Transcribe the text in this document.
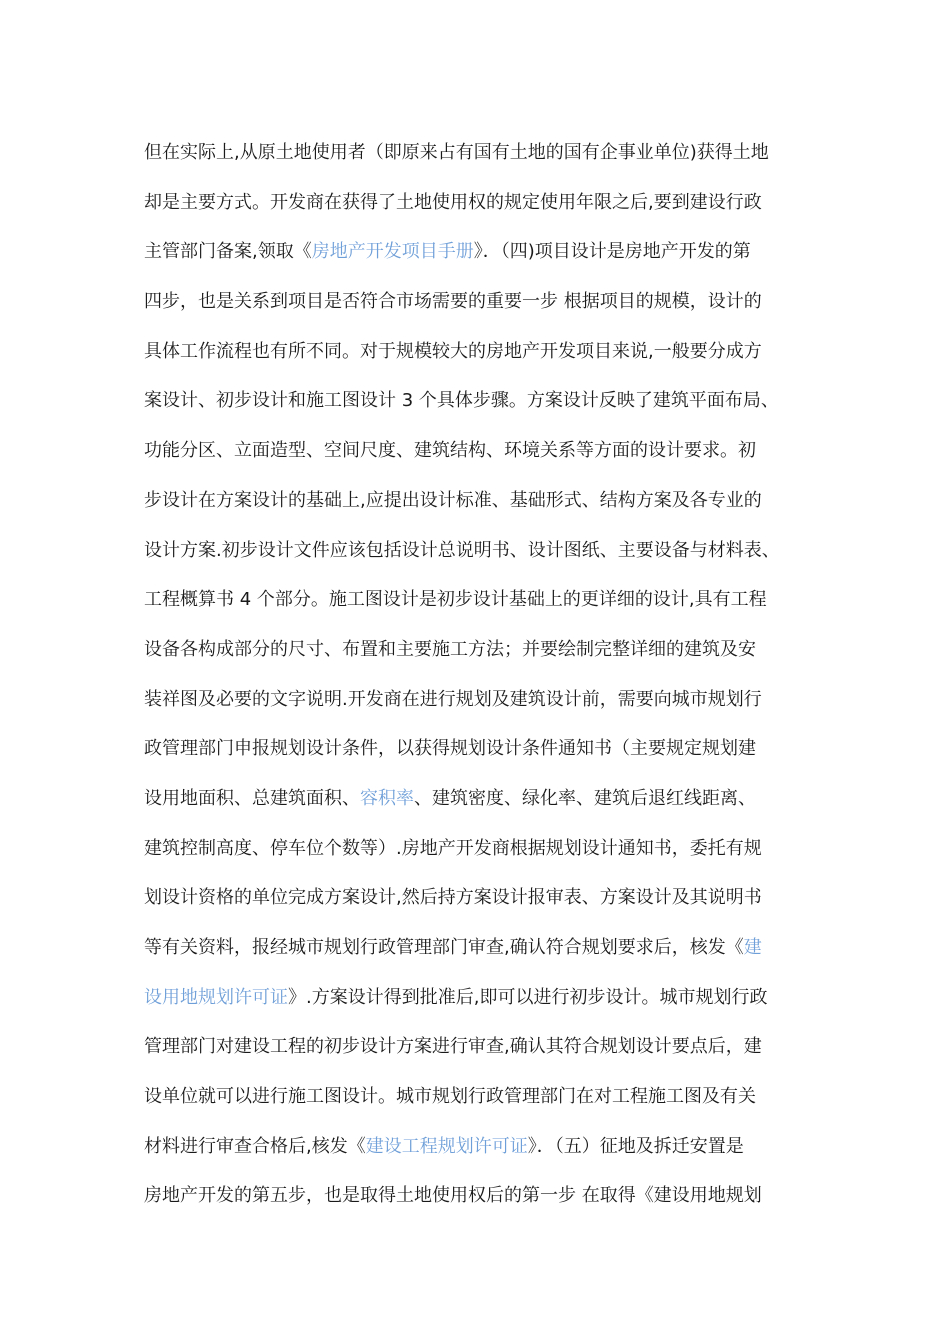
但在实际上,从原土地使用者（即原来占有国有土地的国有企事业单位)获得土地
却是主要方式。开发商在获得了土地使用权的规定使用年限之后,要到建设行政
主管部门备案,领取《房地产开发项目手册》．（四)项目设计是房地产开发的第
四步，也是关系到项目是否符合市场需要的重要一步 根据项目的规模，设计的
具体工作流程也有所不同。对于规模较大的房地产开发项目来说,一般要分成方
案设计、初步设计和施工图设计 3 个具体步骤。方案设计反映了建筑平面布局、
功能分区、立面造型、空间尺度、建筑结构、环境关系等方面的设计要求。初
步设计在方案设计的基础上,应提出设计标准、基础形式、结构方案及各专业的
设计方案.初步设计文件应该包括设计总说明书、设计图纸、主要设备与材料表、
工程概算书 4 个部分。施工图设计是初步设计基础上的更详细的设计,具有工程
设备各构成部分的尺寸、布置和主要施工方法；并要绘制完整详细的建筑及安
装祥图及必要的文字说明.开发商在进行规划及建筑设计前，需要向城市规划行
政管理部门申报规划设计条件，以获得规划设计条件通知书（主要规定规划建
设用地面积、总建筑面积、容积率、建筑密度、绿化率、建筑后退红线距离、
建筑控制高度、停车位个数等）.房地产开发商根据规划设计通知书，委托有规
划设计资格的单位完成方案设计,然后持方案设计报审表、方案设计及其说明书
等有关资料，报经城市规划行政管理部门审查,确认符合规划要求后，核发《建
设用地规划许可证》.方案设计得到批准后,即可以进行初步设计。城市规划行政
管理部门对建设工程的初步设计方案进行审查,确认其符合规划设计要点后，建
设单位就可以进行施工图设计。城市规划行政管理部门在对工程施工图及有关
材料进行审查合格后,核发《建设工程规划许可证》．（五）征地及拆迁安置是
房地产开发的第五步，也是取得土地使用权后的第一步 在取得《建设用地规划
